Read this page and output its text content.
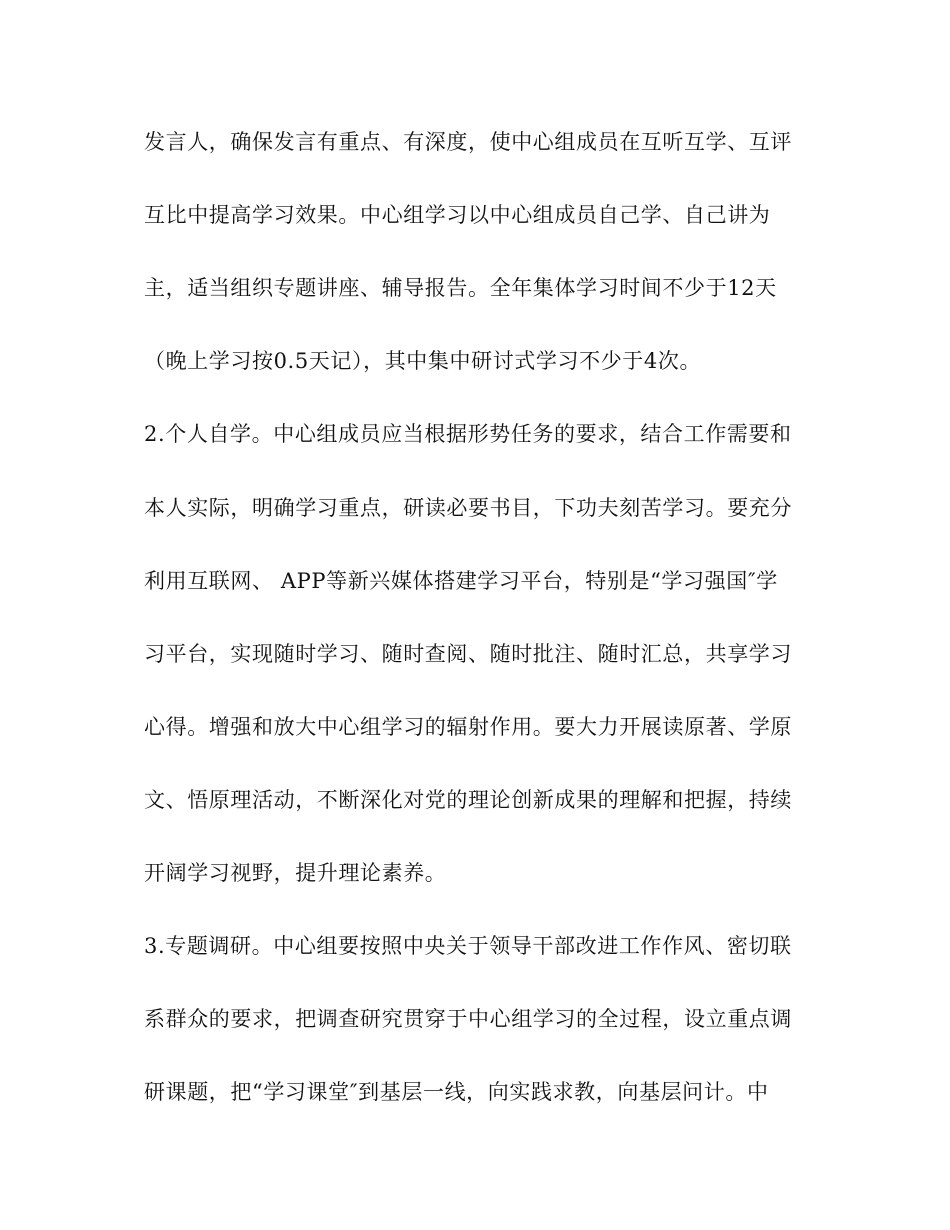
发言人，确保发言有重点、有深度，使中心组成员在互听互学、互评
互比中提高学习效果。中心组学习以中心组成员自己学、自己讲为
主，适当组织专题讲座、辅导报告。全年集体学习时间不少于12天
（晚上学习按0.5天记），其中集中研讨式学习不少于4次。
2.个人自学。中心组成员应当根据形势任务的要求，结合工作需要和
本人实际，明确学习重点，研读必要书目，下功夫刻苦学习。要充分
利用互联网、 APP等新兴媒体搭建学习平台，特别是“学习强国″学
习平台，实现随时学习、随时查阅、随时批注、随时汇总，共享学习
心得。增强和放大中心组学习的辐射作用。要大力开展读原著、学原
文、悟原理活动，不断深化对党的理论创新成果的理解和把握，持续
开阔学习视野，提升理论素养。
3.专题调研。中心组要按照中央关于领导干部改进工作作风、密切联
系群众的要求，把调查研究贯穿于中心组学习的全过程，设立重点调
研课题，把“学习课堂″到基层一线，向实践求教，向基层问计。中
